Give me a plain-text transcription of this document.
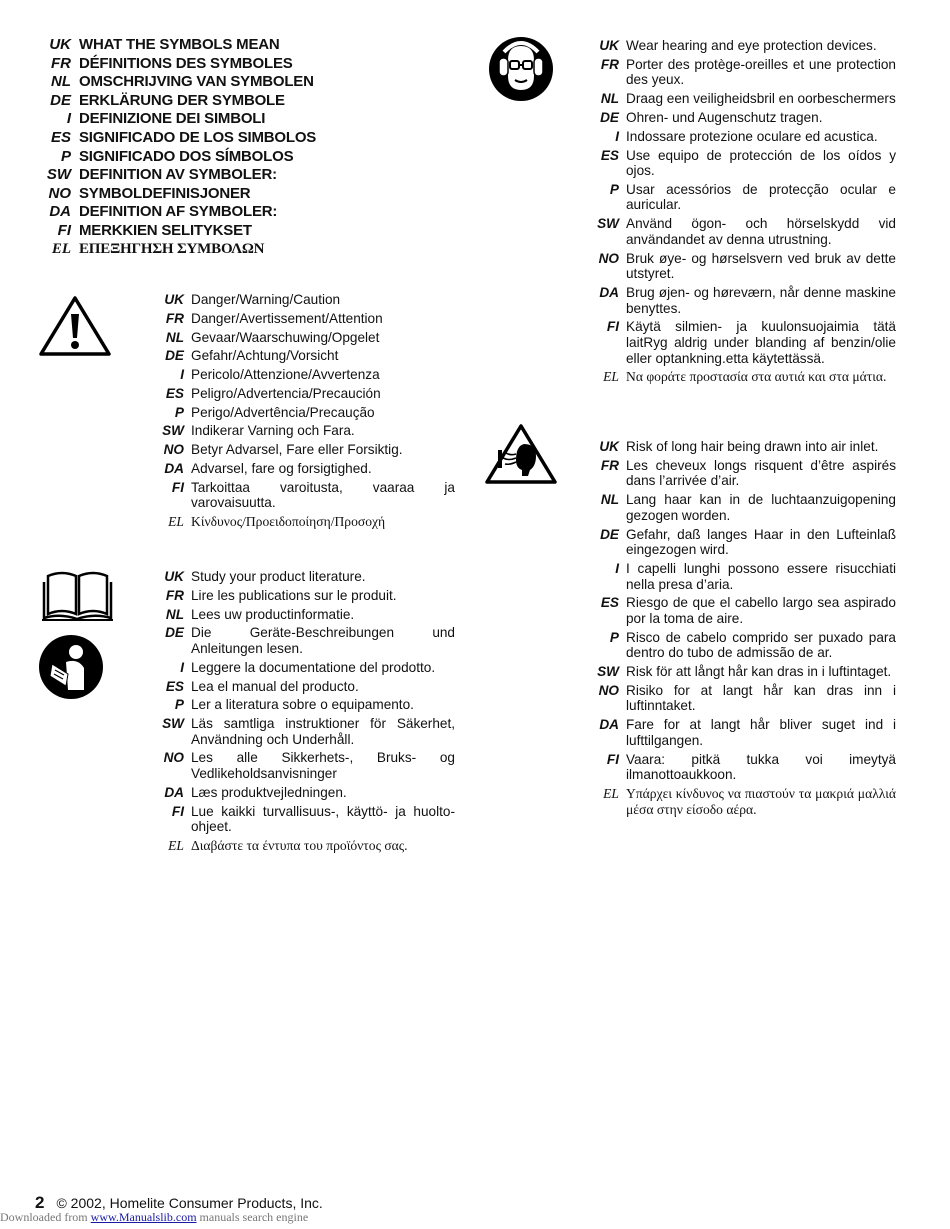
UK WHAT THE SYMBOLS MEAN
FR DÉFINITIONS DES SYMBOLES
NL OMSCHRIJVING VAN SYMBOLEN
DE ERKLÄRUNG DER SYMBOLE
I DEFINIZIONE DEI SIMBOLI
ES SIGNIFICADO DE LOS SIMBOLOS
P SIGNIFICADO DOS SÍMBOLOS
SW DEFINITION AV SYMBOLER:
NO SYMBOLDEFINISJONER
DA DEFINITION AF SYMBOLER:
FI MERKKIEN SELITYKSET
EL ΕΠΕΞΗΓΗΣΗ ΣΥΜΒΟΛΩΝ
UK Danger/Warning/Caution
FR Danger/Avertissement/Attention
NL Gevaar/Waarschuwing/Opgelet
DE Gefahr/Achtung/Vorsicht
I Pericolo/Attenzione/Avvertenza
ES Peligro/Advertencia/Precaución
P Perigo/Advertência/Precaução
SW Indikerar Varning och Fara.
NO Betyr Advarsel, Fare eller Forsiktig.
DA Advarsel, fare og forsigtighed.
FI Tarkoittaa varoitusta, vaaraa ja varovaisuutta.
EL Κίνδυνος/Προειδοποίηση/Προσοχή
UK Study your product literature.
FR Lire les publications sur le produit.
NL Lees uw productinformatie.
DE Die Geräte-Beschreibungen und Anleitungen lesen.
I Leggere la documentatione del prodotto.
ES Lea el manual del producto.
P Ler a literatura sobre o equipamento.
SW Läs samtliga instruktioner för Säkerhet, Användning och Underhåll.
NO Les alle Sikkerhets-, Bruks- og Vedlikeholdsanvisninger
DA Læs produktvejledningen.
FI Lue kaikki turvallisuus-, käyttö- ja huolto-ohjeet.
EL Διαβάστε τα έντυπα του προϊόντος σας.
UK Wear hearing and eye protection devices.
FR Porter des protège-oreilles et une protection des yeux.
NL Draag een veiligheidsbril en oorbeschermers
DE Ohren- und Augenschutz tragen.
I Indossare protezione oculare ed acustica.
ES Use equipo de protección de los oídos y ojos.
P Usar acessórios de protecção ocular e auricular.
SW Använd ögon- och hörselskydd vid användandet av denna utrustning.
NO Bruk øye- og hørselsvern ved bruk av dette utstyret.
DA Brug øjen- og høreværn, når denne maskine benyttes.
FI Käytä silmien- ja kuulonsuojaimia tätä laitRyg aldrig under blanding af benzin/olie eller optankning.etta käytettässä.
EL Να φοράτε προστασία στα αυτιά και στα μάτια.
UK Risk of long hair being drawn into air inlet.
FR Les cheveux longs risquent d’être aspirés dans l’arrivée d’air.
NL Lang haar kan in de luchtaanzuigopening gezogen worden.
DE Gefahr, daß langes Haar in den Lufteinlaß eingezogen wird.
I I capelli lunghi possono essere risucchiati nella presa d’aria.
ES Riesgo de que el cabello largo sea aspirado por la toma de aire.
P Risco de cabelo comprido ser puxado para dentro do tubo de admissão de ar.
SW Risk för att långt hår kan dras in i luftintaget.
NO Risiko for at langt hår kan dras inn i luftinntaket.
DA Fare for at langt hår bliver suget ind i lufttilgangen.
FI Vaara: pitkä tukka voi imeytyä ilmanottoaukkoon.
EL Υπάρχει κίνδυνος να πιαστούν τα μακριά μαλλιά μέσα στην είσοδο αέρα.
2 © 2002, Homelite Consumer Products, Inc.
Downloaded from www.Manualslib.com manuals search engine
